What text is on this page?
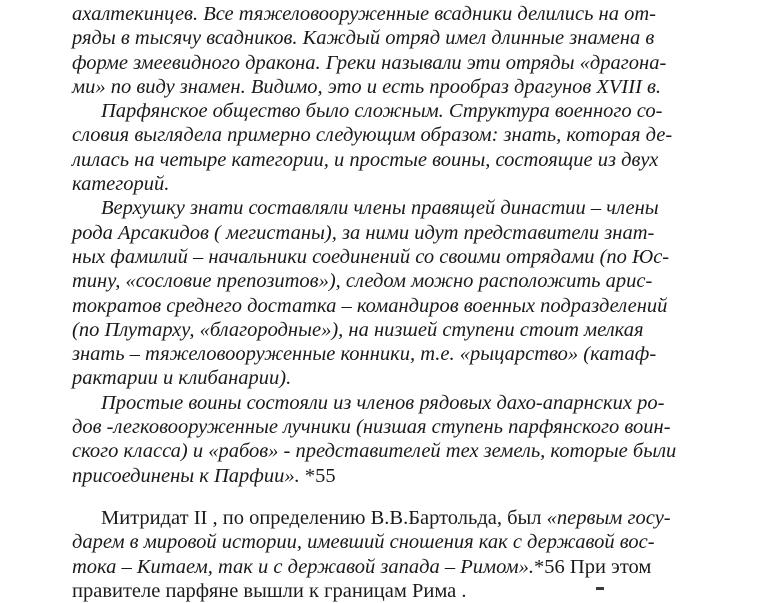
ахалтекинцев. Все тяжеловооруженные всадники делились на от-
ряды в тысячу всадников. Каждый отряд имел длинные знамена в
форме змеевидного дракона. Греки называли эти отряды «драгона-
ми» по виду знамен. Видимо, это и есть прообраз драгунов XVIII в.
Парфянское общество было сложным. Структура военного со-
словия выглядела примерно следующим образом: знать, которая де-
лилась на четыре категории, и простые воины, состоящие из двух
категорий.
Верхушку знати составляли члены правящей династии – члены
рода Арсакидов ( мегистаны), за ними идут представители знат-
ных фамилий – начальники соединений со своими отрядами (по Юс-
тину, «сословие препозитов»), следом можно расположить арис-
тократов среднего достатка – командиров военных подразделений
(по Плутарху, «благородные»), на низшей ступени стоит мелкая
знать – тяжеловооруженные конники, т.е. «рыцарство» (катаф-
рактарии и клибанарии).
Простые воины состояли из членов рядовых дахо-апарнских ро-
дов -легковооруженные лучники (низшая ступень парфянского воин-
ского класса) и «рабов» - представителей тех земель, которые были
присоединены к Парфии». *55
Митридат II , по определению В.В.Бартольда, был «первым госу-
дарем в мировой истории, имевший сношения как с державой вос-
тока – Китаем, так и с державой запада – Римом».*56 При этом
правителе парфяне вышли к границам Рима .
